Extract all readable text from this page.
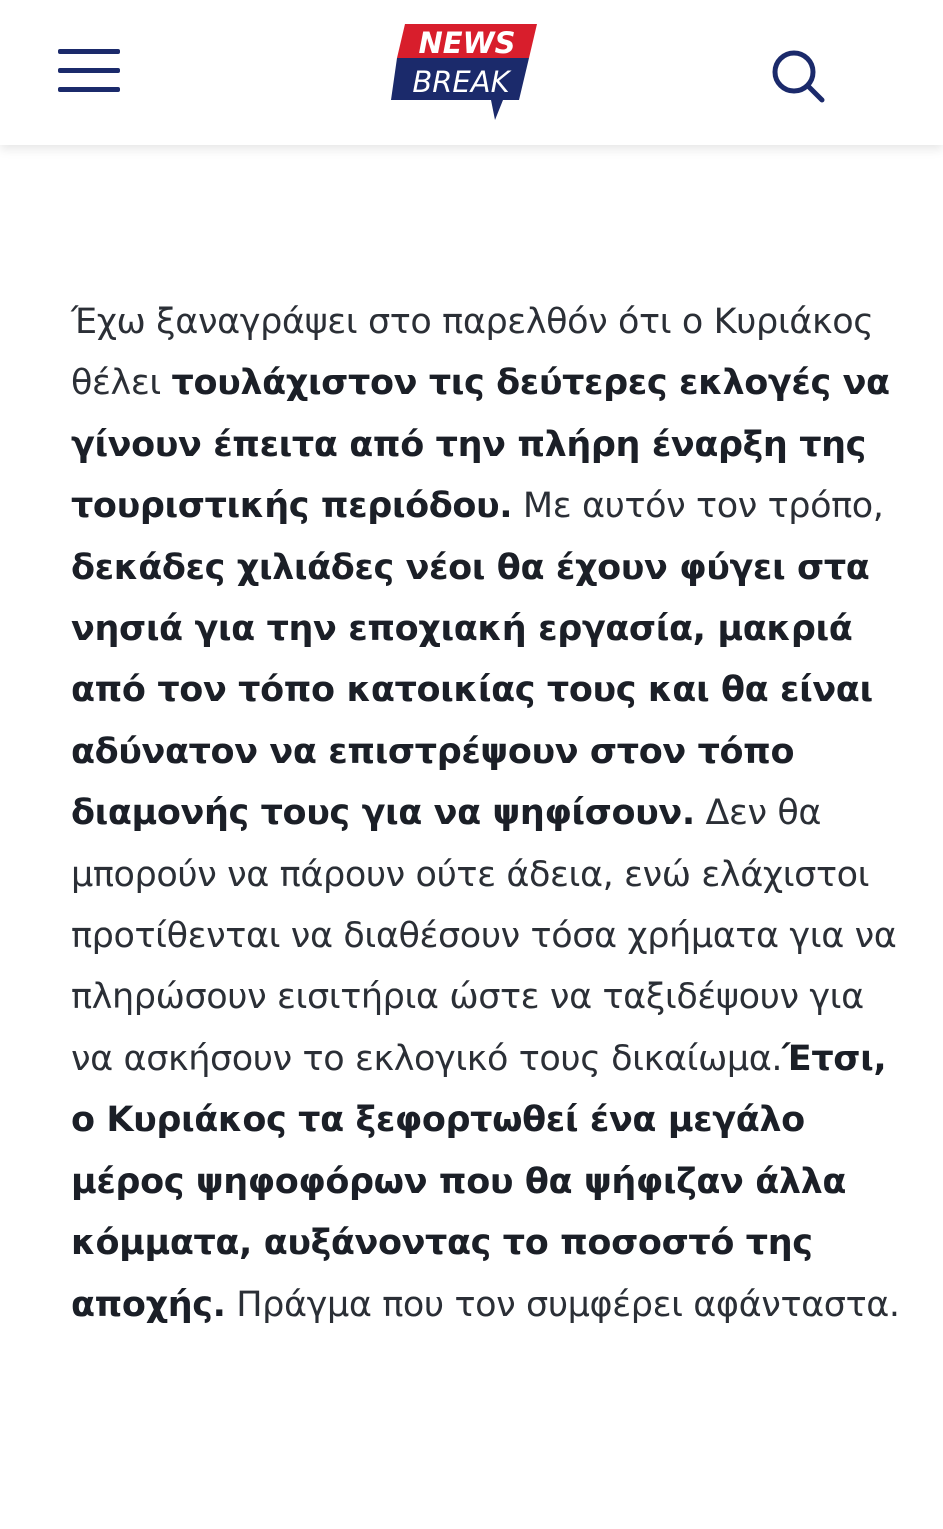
NEWS
BREAK
Έχω ξαναγράψει στο παρελθόν ότι ο Κυριάκος θέλει τουλάχιστον τις δεύτερες εκλογές να γίνουν έπειτα από την πλήρη έναρξη της τουριστικής περιόδου. Με αυτόν τον τρόπο, δεκάδες χιλιάδες νέοι θα έχουν φύγει στα νησιά για την εποχιακή εργασία, μακριά από τον τόπο κατοικίας τους και θα είναι αδύνατον να επιστρέψουν στον τόπο διαμονής τους για να ψηφίσουν. Δεν θα μπορούν να πάρουν ούτε άδεια, ενώ ελάχιστοι προτίθενται να διαθέσουν τόσα χρήματα για να πληρώσουν εισιτήρια ώστε να ταξιδέψουν για να ασκήσουν το εκλογικό τους δικαίωμα.Έτσι, ο Κυριάκος τα ξεφορτωθεί ένα μεγάλο μέρος ψηφοφόρων που θα ψήφιζαν άλλα κόμματα, αυξάνοντας το ποσοστό της αποχής. Πράγμα που τον συμφέρει αφάνταστα.
